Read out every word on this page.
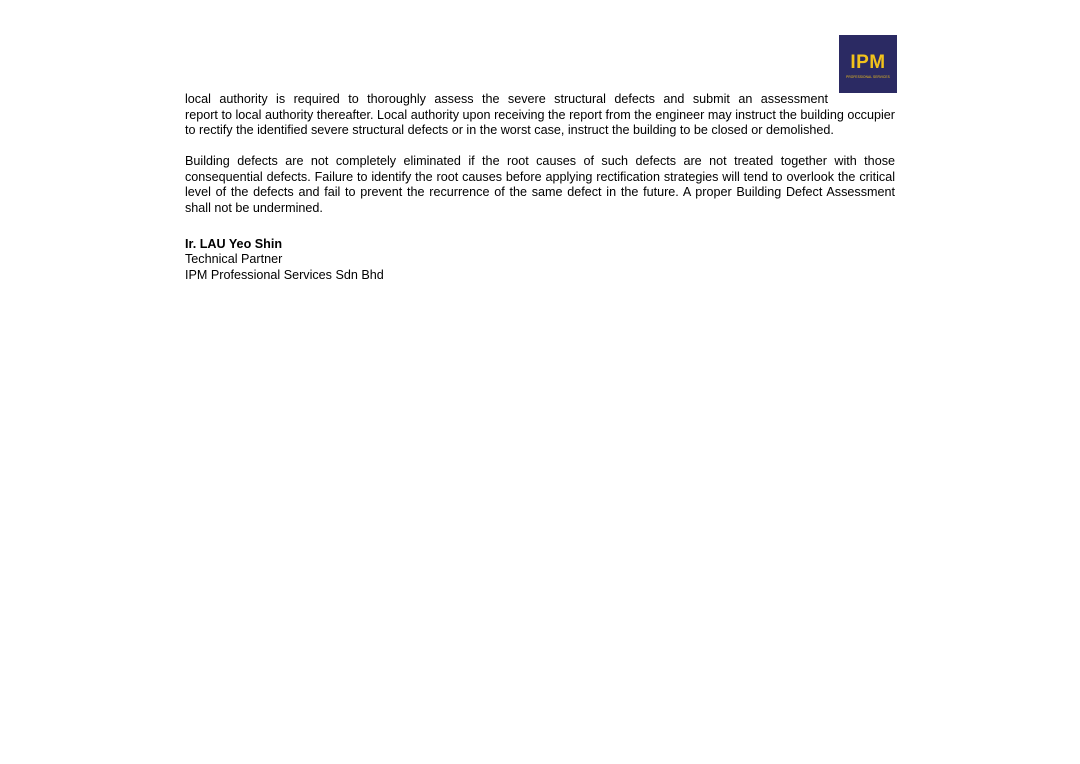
IPM
PROFESSIONAL SERVICES

local authority is required to thoroughly assess the severe structural defects and submit an assessment
report to local authority thereafter. Local authority upon receiving the report from the engineer may instruct the building occupier to rectify the identified severe structural defects or in the worst case, instruct the building to be closed or demolished.

Building defects are not completely eliminated if the root causes of such defects are not treated together with those consequential defects. Failure to identify the root causes before applying rectification strategies will tend to overlook the critical level of the defects and fail to prevent the recurrence of the same defect in the future. A proper Building Defect Assessment shall not be undermined.

Ir. LAU Yeo Shin
Technical Partner
IPM Professional Services Sdn Bhd
